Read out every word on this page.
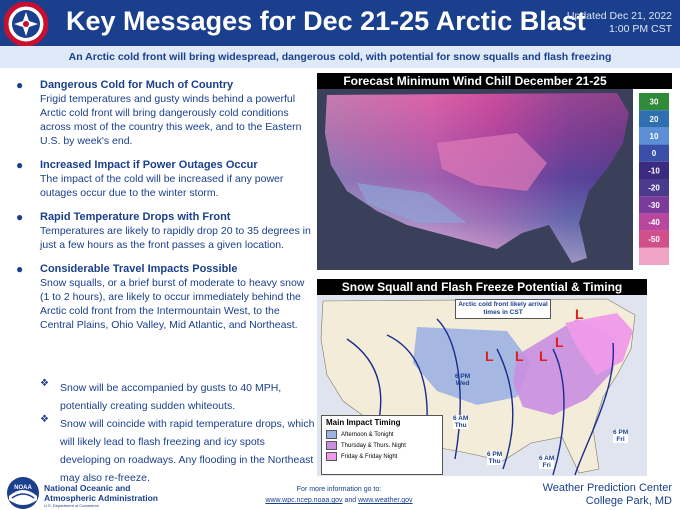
Key Messages for Dec 21-25 Arctic Blast
Updated Dec 21, 2022
1:00 PM CST
An Arctic cold front will bring widespread, dangerous cold, with potential for snow squalls and flash freezing
● Dangerous Cold for Much of Country
Frigid temperatures and gusty winds behind a powerful Arctic cold front will bring dangerously cold conditions across most of the country this week, and to the Eastern U.S. by week's end.
● Increased Impact if Power Outages Occur
The impact of the cold will be increased if any power outages occur due to the winter storm.
● Rapid Temperature Drops with Front
Temperatures are likely to rapidly drop 20 to 35 degrees in just a few hours as the front passes a given location.
● Considerable Travel Impacts Possible
Snow squalls, or a brief burst of moderate to heavy snow (1 to 2 hours), are likely to occur immediately behind the Arctic cold front from the Intermountain West, to the Central Plains, Ohio Valley, Mid Atlantic, and Northeast.
❖ Snow will be accompanied by gusts to 40 MPH, potentially creating sudden whiteouts.
❖ Snow will coincide with rapid temperature drops, which will likely lead to flash freezing and icy spots developing on roadways. Any flooding in the Northeast may also re-freeze.
Forecast Minimum Wind Chill December 21-25
30
20
10
0
-10
-20
-30
-40
-50
Snow Squall and Flash Freeze Potential & Timing
L L L
L
L
Arctic cold front likely arrival times in CST
6 PM
Wed
6 AM
Thu
6 PM
Thu	6 AM
Fri
6 PM
Fri
Main Impact Timing
Afternoon & Tonight
Thursday & Thurs. Night
Friday & Friday Night
NOAA National Oceanic and
Atmospheric Administration
U.S. Department of Commerce
For more information go to:
www.wpc.ncep.noaa.gov and www.weather.gov
Weather Prediction Center
College Park, MD
